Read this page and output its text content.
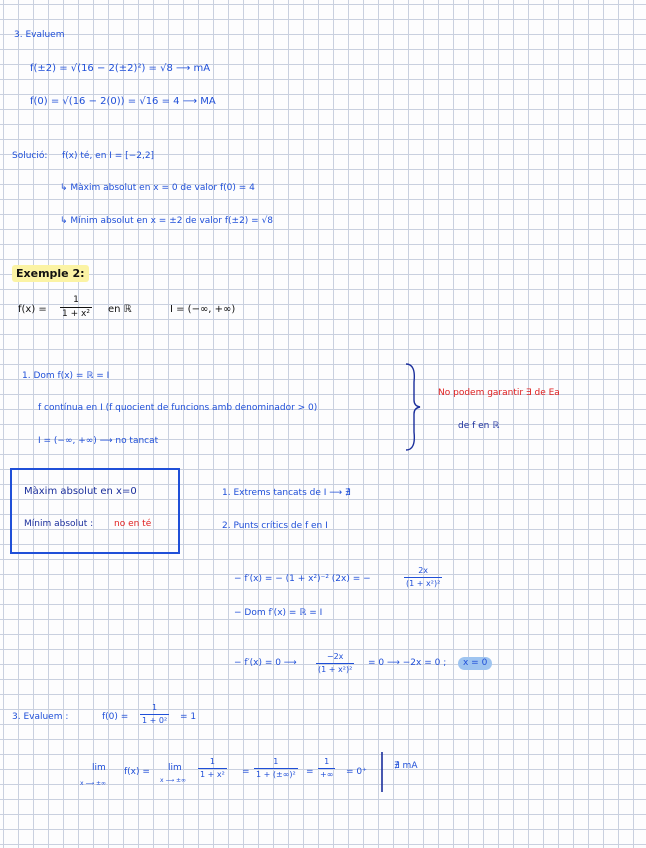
3. Evaluem
f(±2) = √(16 − 2(±2)²) = √8 ⟶ mA
f(0) = √(16 − 2(0)) = √16 = 4 ⟶ MA
Solució: f(x) té, en I = [−2,2]
↳ Màxim absolut en x = 0 de valor f(0) = 4
↳ Mínim absolut en x = ±2 de valor f(±2) = √8
Exemple 2:
f(x) =
1
1 + x² en ℝ	I = (−∞, +∞)
1. Dom f(x) = ℝ = I
f contínua en I (f quocient de funcions amb denominador > 0)
I = (−∞, +∞) ⟶ no tancat
No podem garantir ∃ de Ea
de f en ℝ
Màxim absolut en x=0
Mínim absolut : no en té
1. Extrems tancats de I ⟶ ∄
2. Punts crítics de f en I
− f′(x) = − (1 + x²)⁻² (2x) = −
2x
(1 + x²)²
− Dom f′(x) = ℝ = I
− f′(x) = 0 ⟶
−2x
(1 + x²)²
= 0 ⟶ −2x = 0 ;	x = 0
3. Evaluem :	f(0) =
1
1 + 0² = 1
lim
x ⟶ ±∞
f(x) = lim
x ⟶ ±∞
1
1 + x² =
1
1 + (±∞)² =
1
+∞ = 0⁺
∄ mA
